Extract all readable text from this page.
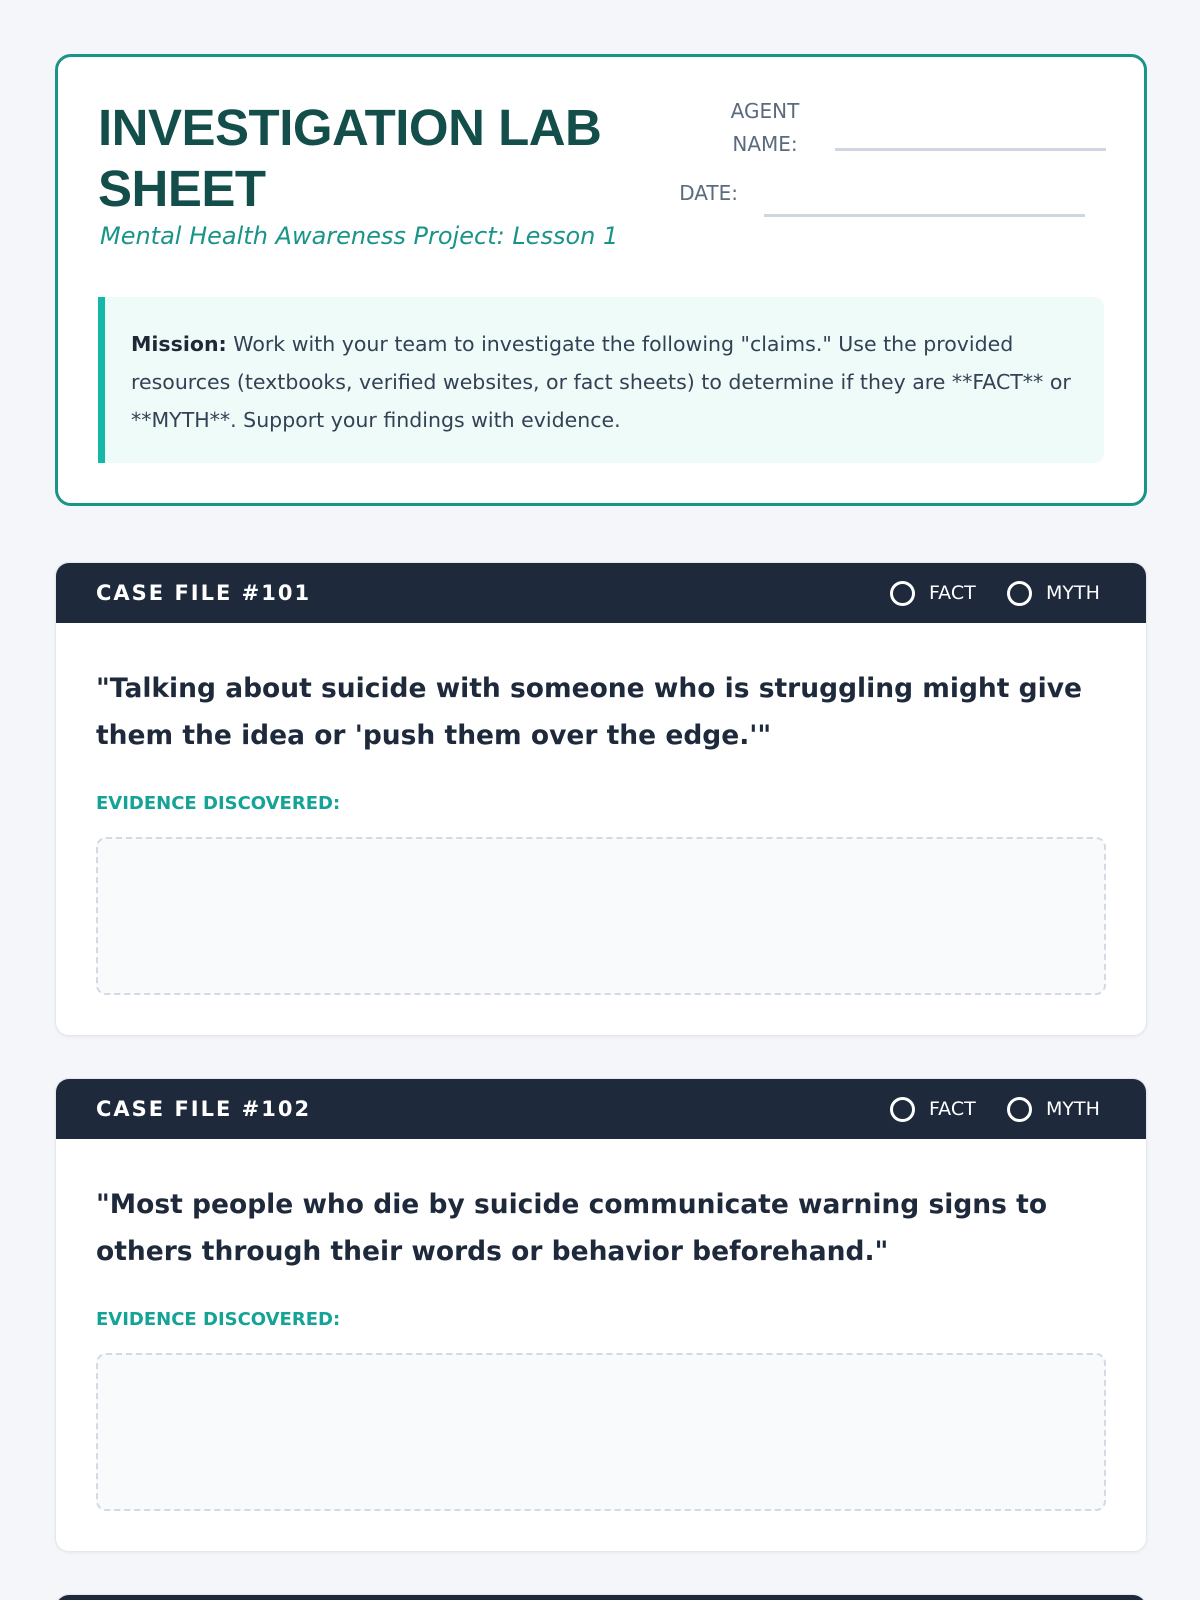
INVESTIGATION LAB SHEET
Mental Health Awareness Project: Lesson 1
AGENT NAME:
DATE:
Mission: Work with your team to investigate the following "claims." Use the provided resources (textbooks, verified websites, or fact sheets) to determine if they are **FACT** or **MYTH**. Support your findings with evidence.
CASE FILE #101	FACT	MYTH

"Talking about suicide with someone who is struggling might give them the idea or 'push them over the edge.'"

EVIDENCE DISCOVERED:
CASE FILE #102	FACT	MYTH

"Most people who die by suicide communicate warning signs to others through their words or behavior beforehand."

EVIDENCE DISCOVERED:
